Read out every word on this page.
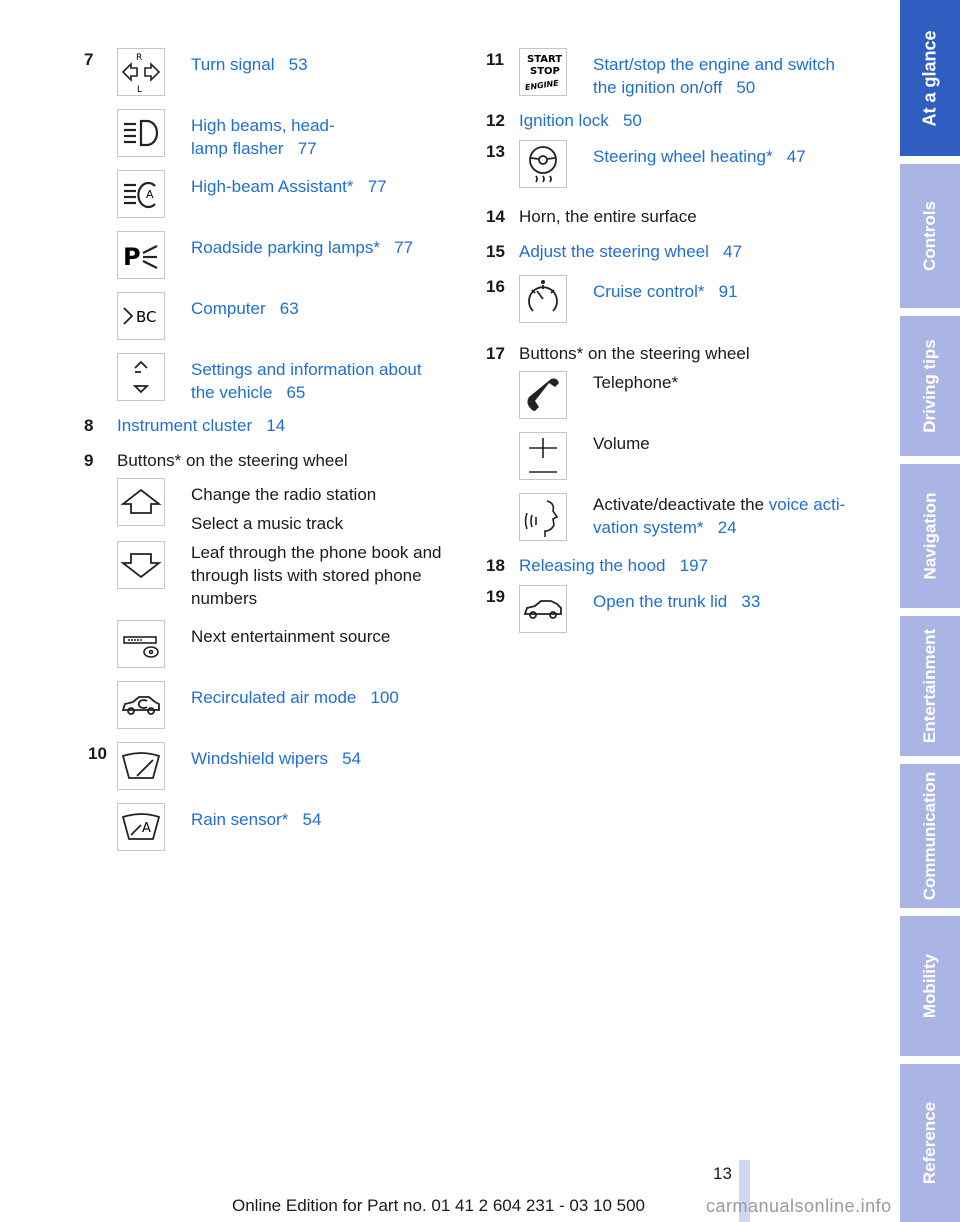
7	R
L
Turn signal   53
High beams, head-
lamp flasher   77
A High-beam Assistant*   77
P	Roadside parking lamps*   77
BC Computer   63
Settings and information about
the vehicle   65
8	Instrument cluster   14
9	Buttons* on the steering wheel
Change the radio station
Select a music track
Leaf through the phone book and through lists with stored phone numbers
Next entertainment source
Recirculated air mode   100
10	Windshield wipers   54
A Rain sensor*   54
11	START
STOP
ENGINE
Start/stop the engine and switch
the ignition on/off   50
12 Ignition lock   50
13	Steering wheel heating*   47
14 Horn, the entire surface
15 Adjust the steering wheel   47
16	Cruise control*   91
17 Buttons* on the steering wheel
Telephone*
Volume
Activate/deactivate the voice acti-
vation system*   24
18 Releasing the hood   197
19	Open the trunk lid   33
At a glance
Controls
Driving tips
Navigation
Entertainment
Communication
Mobility
Reference
13
Online Edition for Part no. 01 41 2 604 231 - 03 10 500	carmanualsonline.info
